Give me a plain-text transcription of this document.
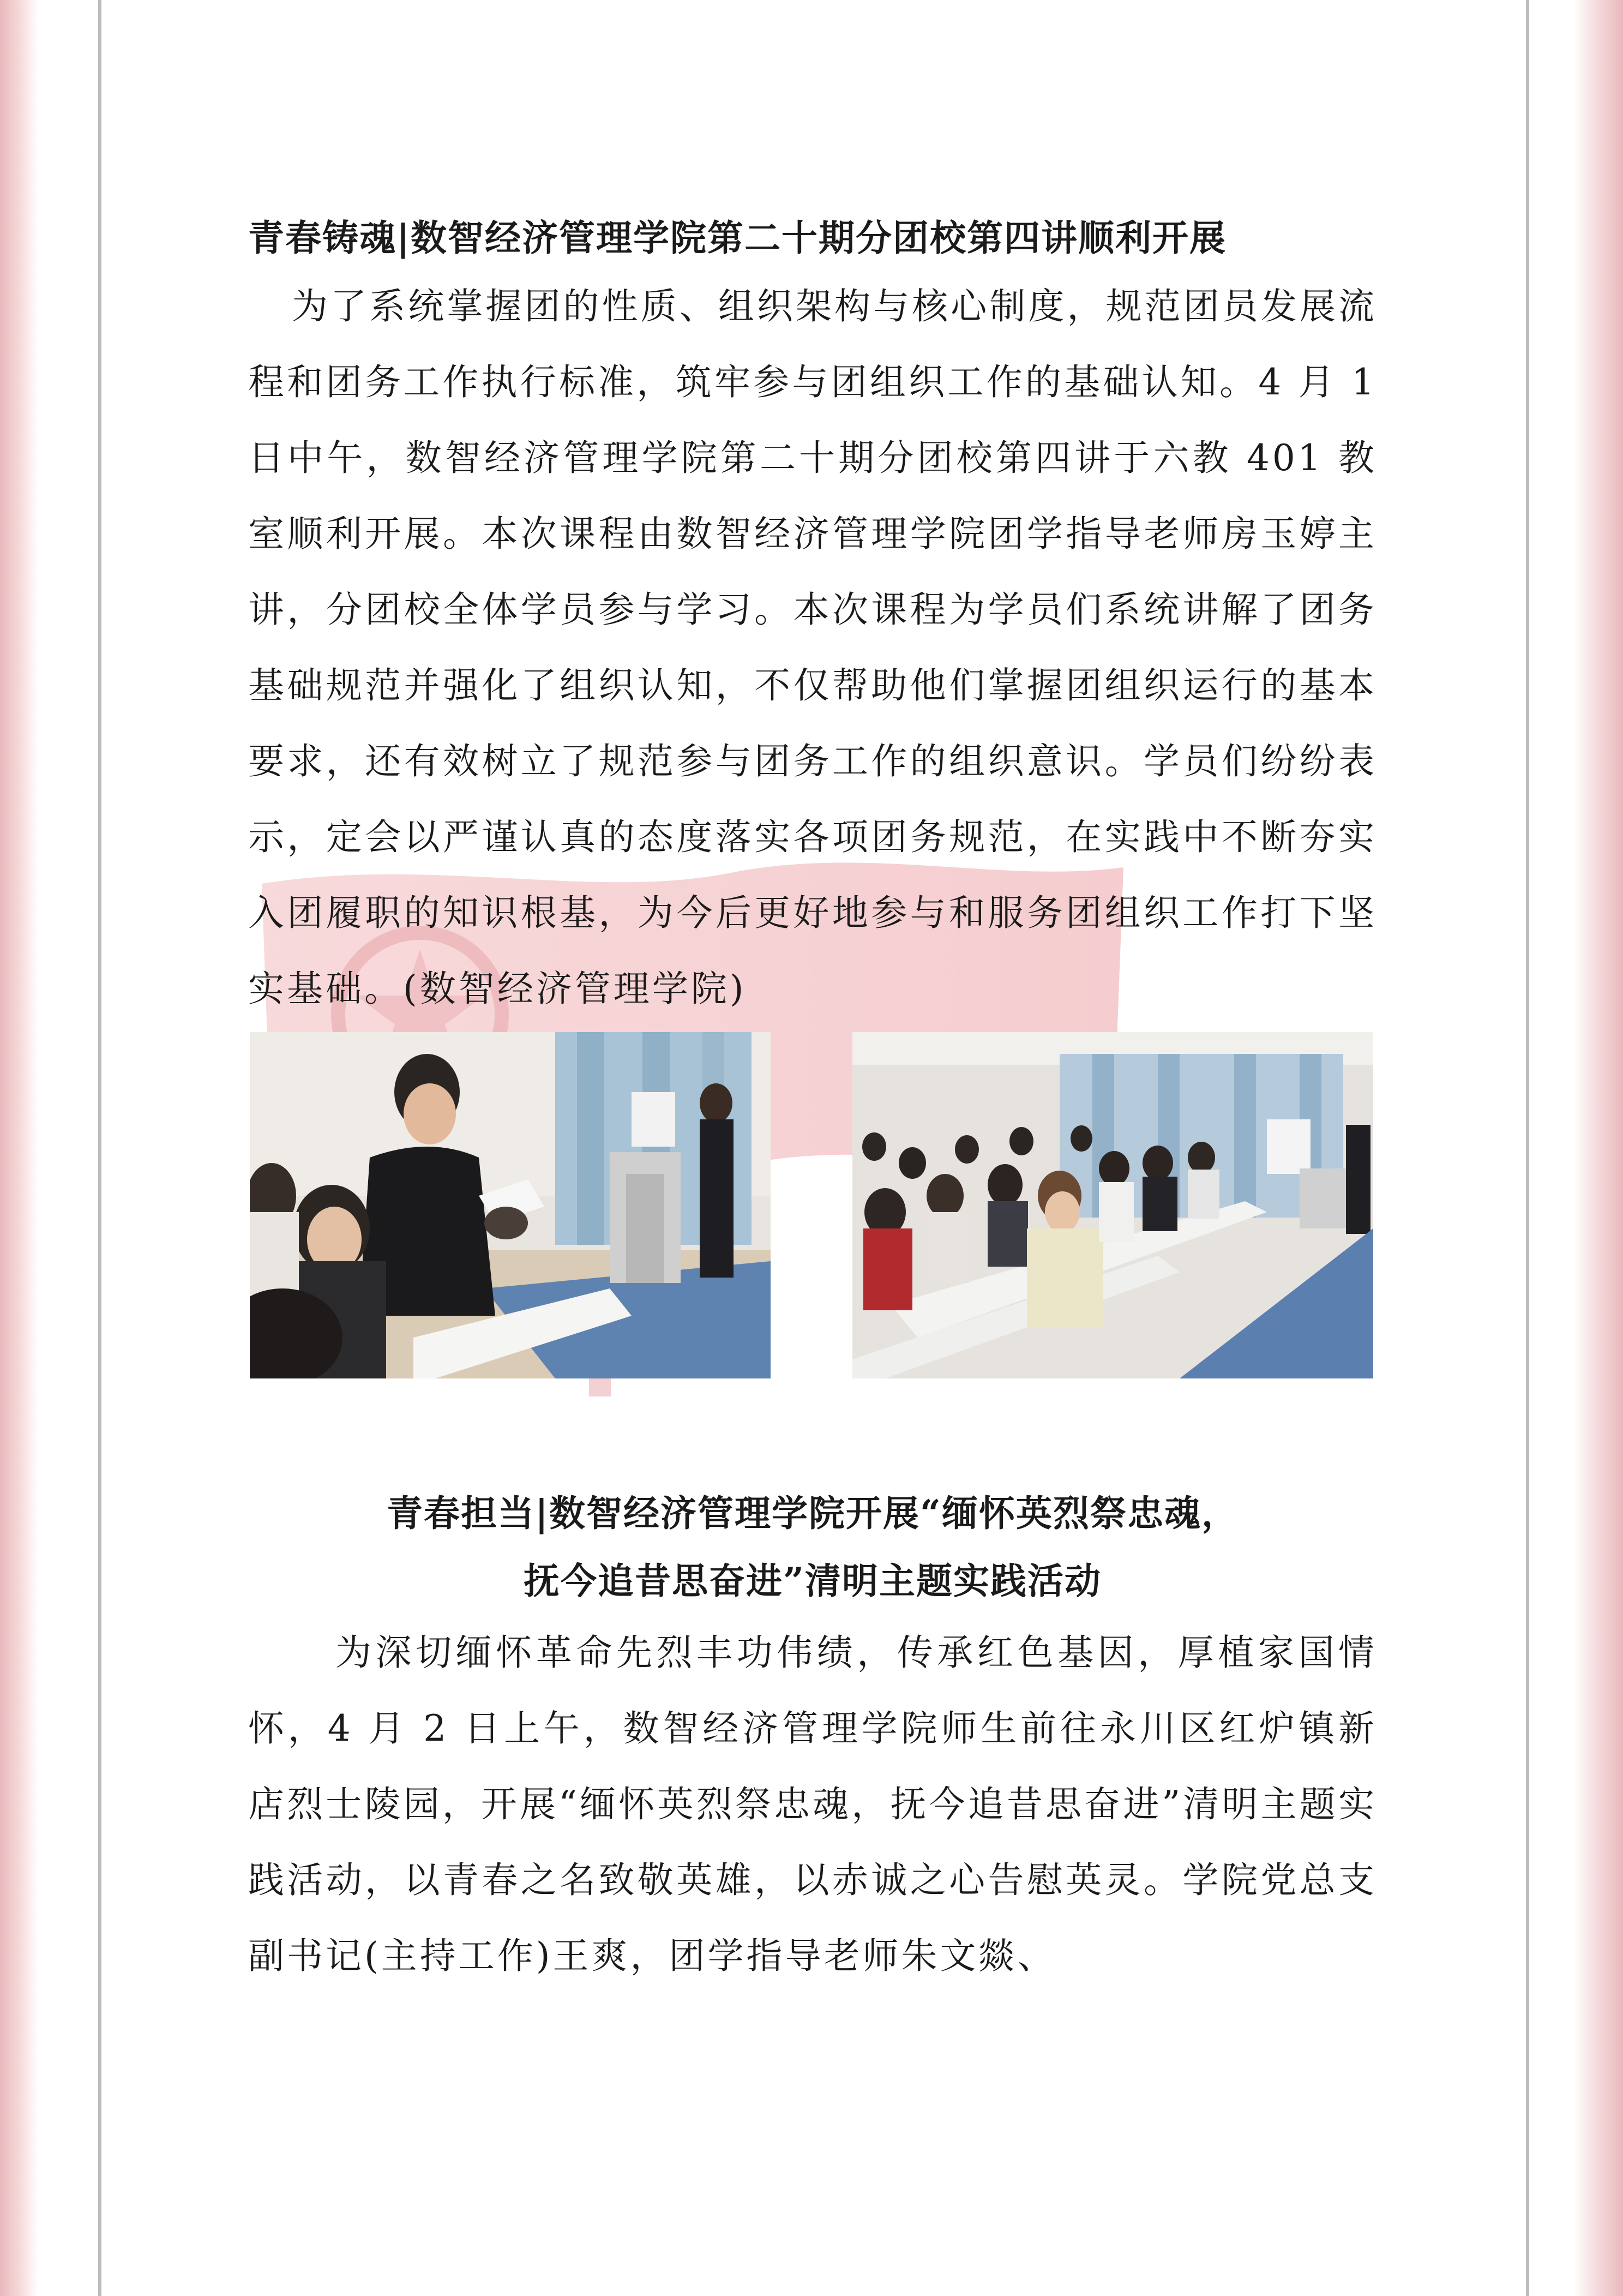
青春铸魂|数智经济管理学院第二十期分团校第四讲顺利开展

为了系统掌握团的性质、组织架构与核心制度，规范团员发展流程和团务工作执行标准，筑牢参与团组织工作的基础认知。4 月 1 日中午，数智经济管理学院第二十期分团校第四讲于六教 401 教室顺利开展。本次课程由数智经济管理学院团学指导老师房玉婷主讲，分团校全体学员参与学习。本次课程为学员们系统讲解了团务基础规范并强化了组织认知，不仅帮助他们掌握团组织运行的基本要求，还有效树立了规范参与团务工作的组织意识。学员们纷纷表示，定会以严谨认真的态度落实各项团务规范，在实践中不断夯实入团履职的知识根基，为今后更好地参与和服务团组织工作打下坚实基础。(数智经济管理学院)

青春担当|数智经济管理学院开展“缅怀英烈祭忠魂，
抚今追昔思奋进”清明主题实践活动

为深切缅怀革命先烈丰功伟绩，传承红色基因，厚植家国情怀，4 月 2 日上午，数智经济管理学院师生前往永川区红炉镇新店烈士陵园，开展“缅怀英烈祭忠魂，抚今追昔思奋进”清明主题实践活动，以青春之名致敬英雄，以赤诚之心告慰英灵。学院党总支副书记(主持工作)王爽，团学指导老师朱文燚、
